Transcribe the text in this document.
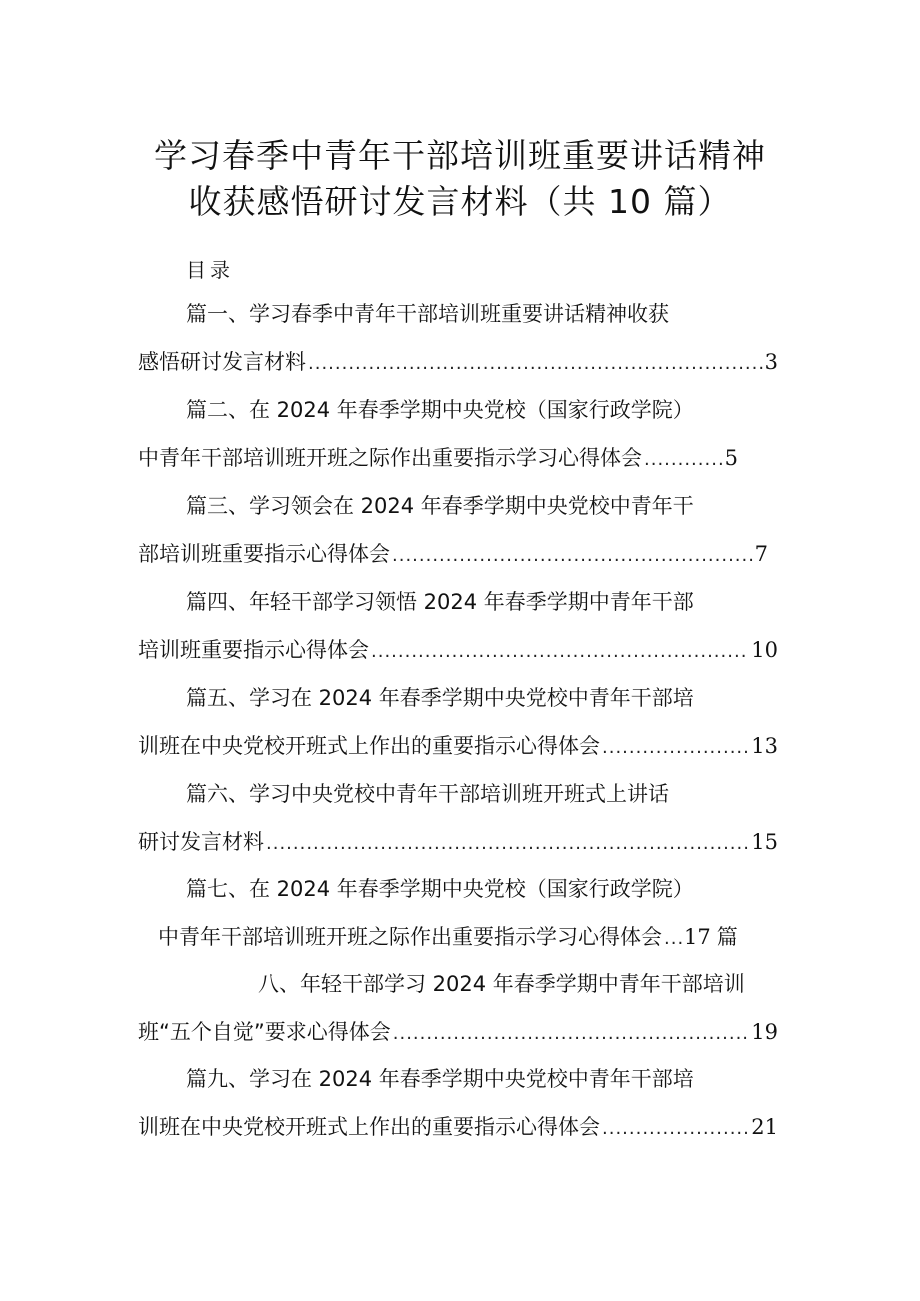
学习春季中青年干部培训班重要讲话精神
收获感悟研讨发言材料（共 10 篇）
目录
篇一、学习春季中青年干部培训班重要讲话精神收获
感悟研讨发言材料 .....	3
篇二、在 2024 年春季学期中央党校（国家行政学院）
中青年干部培训班开班之际作出重要指示学习心得体会 .....	5
篇三、学习领会在 2024 年春季学期中央党校中青年干
部培训班重要指示心得体会 .....	7
篇四、年轻干部学习领悟 2024 年春季学期中青年干部
培训班重要指示心得体会 .....	10
篇五、学习在 2024 年春季学期中央党校中青年干部培
训班在中央党校开班式上作出的重要指示心得体会 .....	13
篇六、学习中央党校中青年干部培训班开班式上讲话
研讨发言材料 .....	15
篇七、在 2024 年春季学期中央党校（国家行政学院）
中青年干部培训班开班之际作出重要指示学习心得体会 ..... 17 篇
八、年轻干部学习 2024 年春季学期中青年干部培训
班“五个自觉”要求心得体会 .....	19
篇九、学习在 2024 年春季学期中央党校中青年干部培
训班在中央党校开班式上作出的重要指示心得体会 .....	21
